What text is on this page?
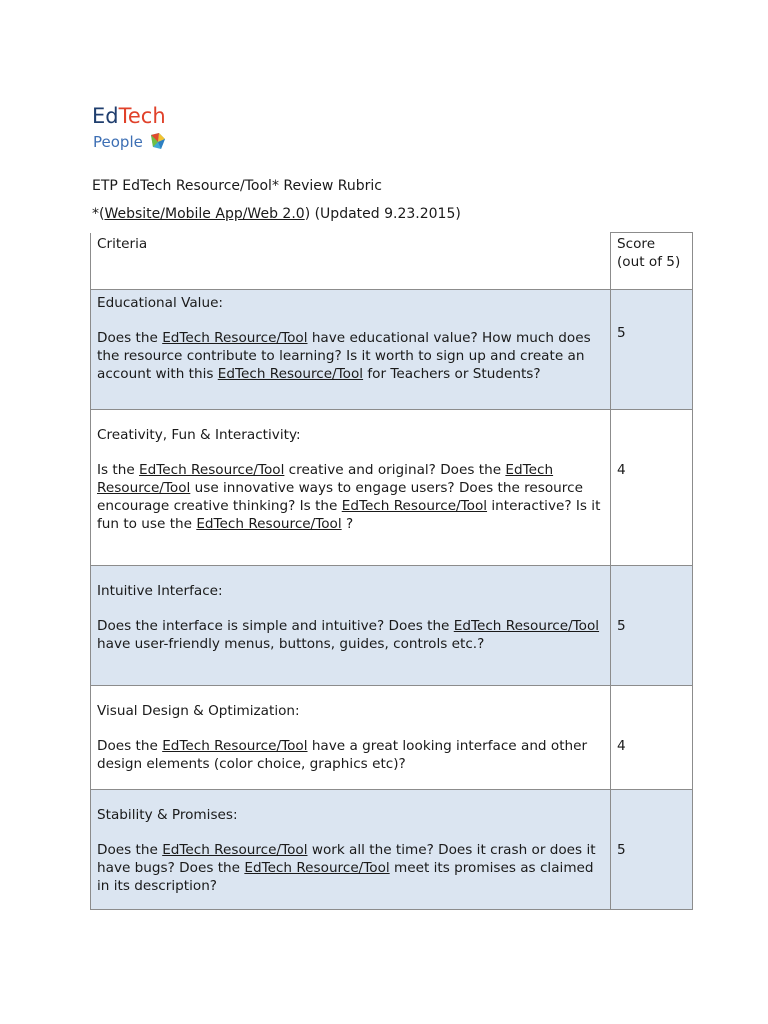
EdTech
People
ETP EdTech Resource/Tool* Review Rubric
*(Website/Mobile App/Web 2.0) (Updated 9.23.2015)
Criteria	Score (out of 5)

Educational Value:
Does the EdTech Resource/Tool have educational value? How much does the resource contribute to learning? Is it worth to sign up and create an account with this EdTech Resource/Tool for Teachers or Students?	5

Creativity, Fun & Interactivity:
Is the EdTech Resource/Tool creative and original? Does the EdTech Resource/Tool use innovative ways to engage users? Does the resource encourage creative thinking? Is the EdTech Resource/Tool interactive? Is it fun to use the EdTech Resource/Tool ?	4

Intuitive Interface:
Does the interface is simple and intuitive? Does the EdTech Resource/Tool have user-friendly menus, buttons, guides, controls etc.?	5

Visual Design & Optimization:
Does the EdTech Resource/Tool have a great looking interface and other design elements (color choice, graphics etc)?	4

Stability & Promises:
Does the EdTech Resource/Tool work all the time? Does it crash or does it have bugs? Does the EdTech Resource/Tool meet its promises as claimed in its description?	5
